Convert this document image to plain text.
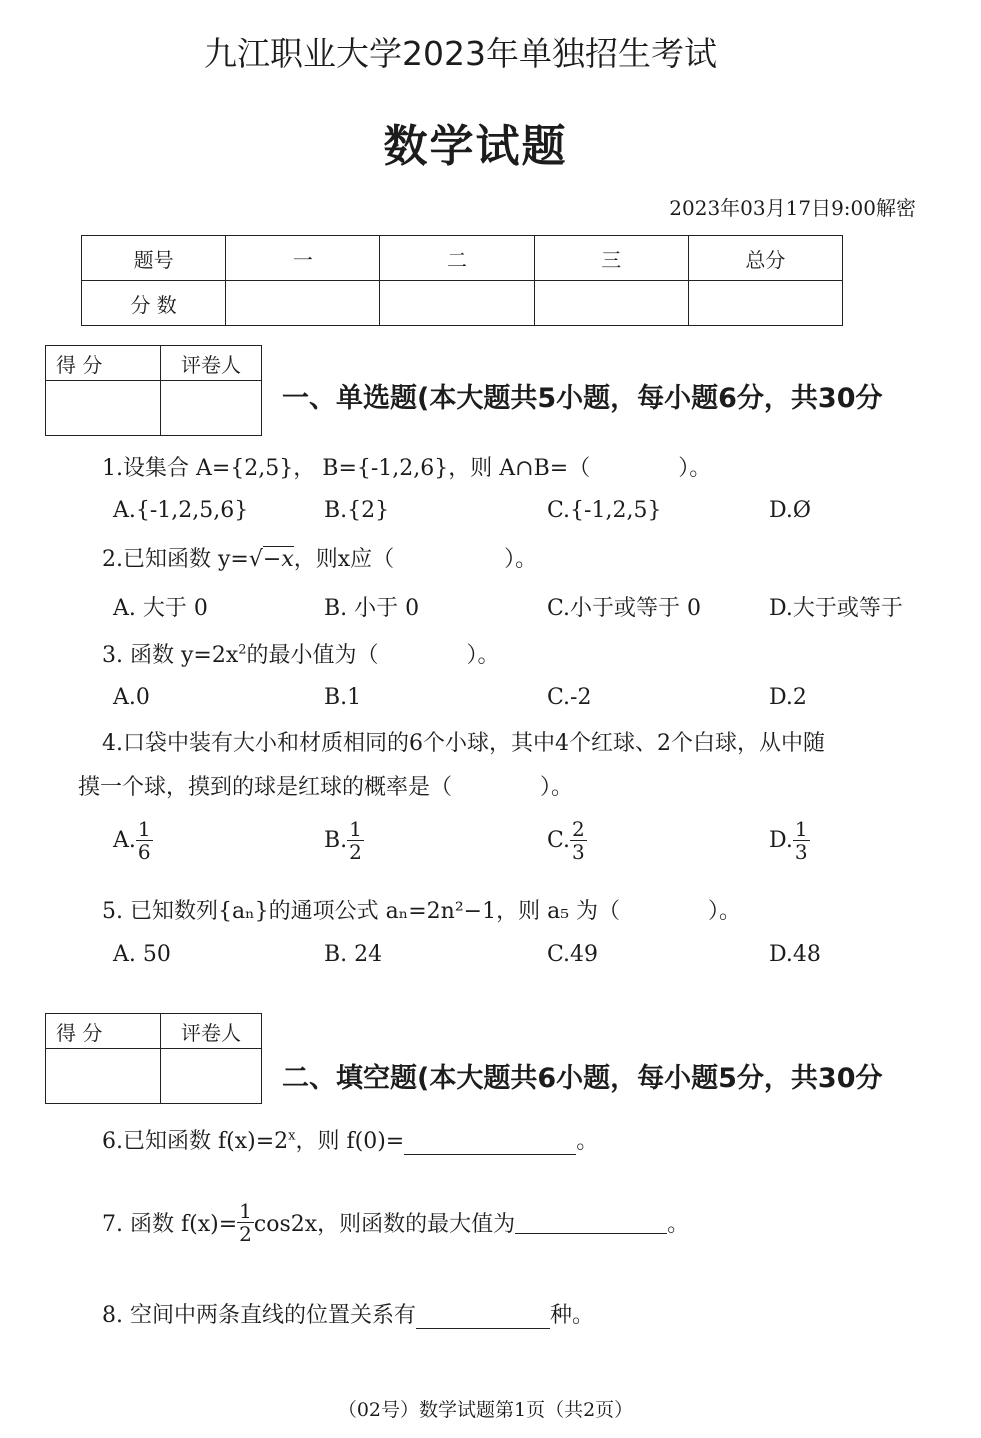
九江职业大学2023年单独招生考试
数学试题
2023年03月17日9:00解密
题号	一	二	三	总分
分 数				
得 分	评卷人

一、单选题(本大题共5小题，每小题6分，共30分
1.设集合 A={2,5}， B={-1,2,6}，则 A∩B=（　　　　）。
A.{-1,2,5,6}	B.{2}	C.{-1,2,5}	D.Ø
2.已知函数 y=√−x，则x应（　　　　　）。
A. 大于 0	B. 小于 0	C.小于或等于 0	D.大于或等于
3. 函数 $y=2x^2$的最小值为（　　　　）。
A.0	B.1	C.-2	D.2
4.口袋中装有大小和材质相同的6个小球，其中4个红球、2个白球，从中随
摸一个球，摸到的球是红球的概率是（　　　　）。
A. $\frac{1}{6}$	B. $\frac{1}{2}$	C. $\frac{2}{3}$	D. $\frac{1}{3}$
5. 已知数列{aₙ}的通项公式 aₙ=2n²−1，则 a₅ 为（　　　　）。
A. 50	B. 24	C.49	D.48
得 分	评卷人

二、填空题(本大题共6小题，每小题5分，共30分
6.已知函数 $f(x)=2^x$，则 f(0)=	。
7. 函数 $f(x)= \frac{1}{2} \cos 2x$，则函数的最大值为	。
8. 空间中两条直线的位置关系有	种。
（02号）数学试题第1页（共2页）
